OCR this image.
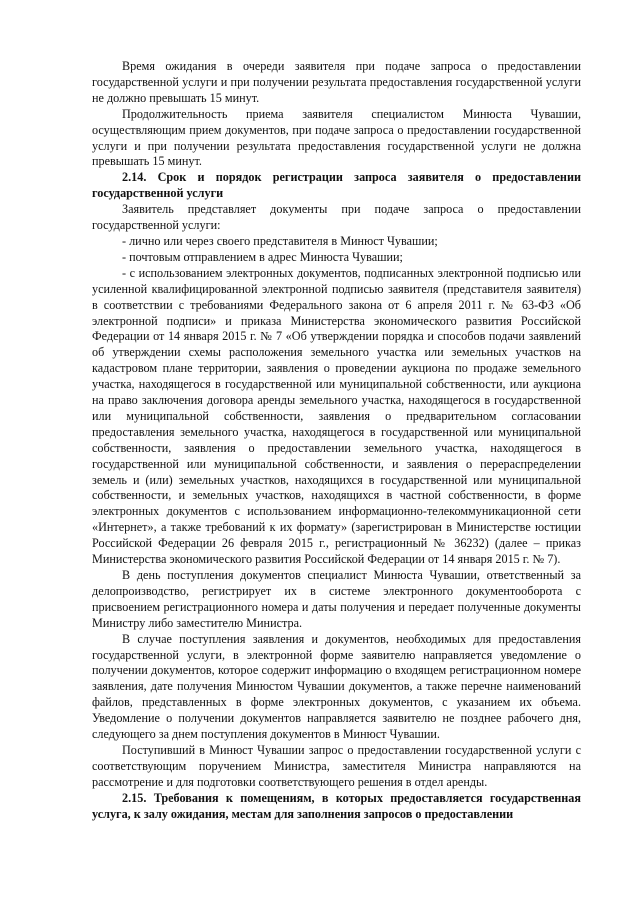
Время ожидания в очереди заявителя при подаче запроса о предоставлении государственной услуги и при получении результата предоставления государственной услуги не должно превышать 15 минут.

Продолжительность приема заявителя специалистом Минюста Чувашии, осуществляющим прием документов, при подаче запроса о предоставлении государственной услуги и при получении результата предоставления государственной услуги не должна превышать 15 минут.

2.14. Срок и порядок регистрации запроса заявителя о предоставлении государственной услуги

Заявитель представляет документы при подаче запроса о предоставлении государственной услуги:

- лично или через своего представителя в Минюст Чувашии;

- почтовым отправлением в адрес Минюста Чувашии;

- с использованием электронных документов, подписанных электронной подписью или усиленной квалифицированной электронной подписью заявителя (представителя заявителя) в соответствии с требованиями Федерального закона от 6 апреля 2011 г. № 63-ФЗ «Об электронной подписи» и приказа Министерства экономического развития Российской Федерации от 14 января 2015 г. № 7 «Об утверждении порядка и способов подачи заявлений об утверждении схемы расположения земельного участка или земельных участков на кадастровом плане территории, заявления о проведении аукциона по продаже земельного участка, находящегося в государственной или муниципальной собственности, или аукциона на право заключения договора аренды земельного участка, находящегося в государственной или муниципальной собственности, заявления о предварительном согласовании предоставления земельного участка, находящегося в государственной или муниципальной собственности, заявления о предоставлении земельного участка, находящегося в государственной или муниципальной собственности, и заявления о перераспределении земель и (или) земельных участков, находящихся в государственной или муниципальной собственности, и земельных участков, находящихся в частной собственности, в форме электронных документов с использованием информационно-телекоммуникационной сети «Интернет», а также требований к их формату» (зарегистрирован в Министерстве юстиции Российской Федерации 26 февраля 2015 г., регистрационный № 36232) (далее – приказ Министерства экономического развития Российской Федерации от 14 января 2015 г. № 7).

В день поступления документов специалист Минюста Чувашии, ответственный за делопроизводство, регистрирует их в системе электронного документооборота с присвоением регистрационного номера и даты получения и передает полученные документы Министру либо заместителю Министра.

В случае поступления заявления и документов, необходимых для предоставления государственной услуги, в электронной форме заявителю направляется уведомление о получении документов, которое содержит информацию о входящем регистрационном номере заявления, дате получения Минюстом Чувашии документов, а также перечне наименований файлов, представленных в форме электронных документов, с указанием их объема. Уведомление о получении документов направляется заявителю не позднее рабочего дня, следующего за днем поступления документов в Минюст Чувашии.

Поступивший в Минюст Чувашии запрос о предоставлении государственной услуги с соответствующим поручением Министра, заместителя Министра направляются на рассмотрение и для подготовки соответствующего решения в отдел аренды.

2.15. Требования к помещениям, в которых предоставляется государственная услуга, к залу ожидания, местам для заполнения запросов о предоставлении
